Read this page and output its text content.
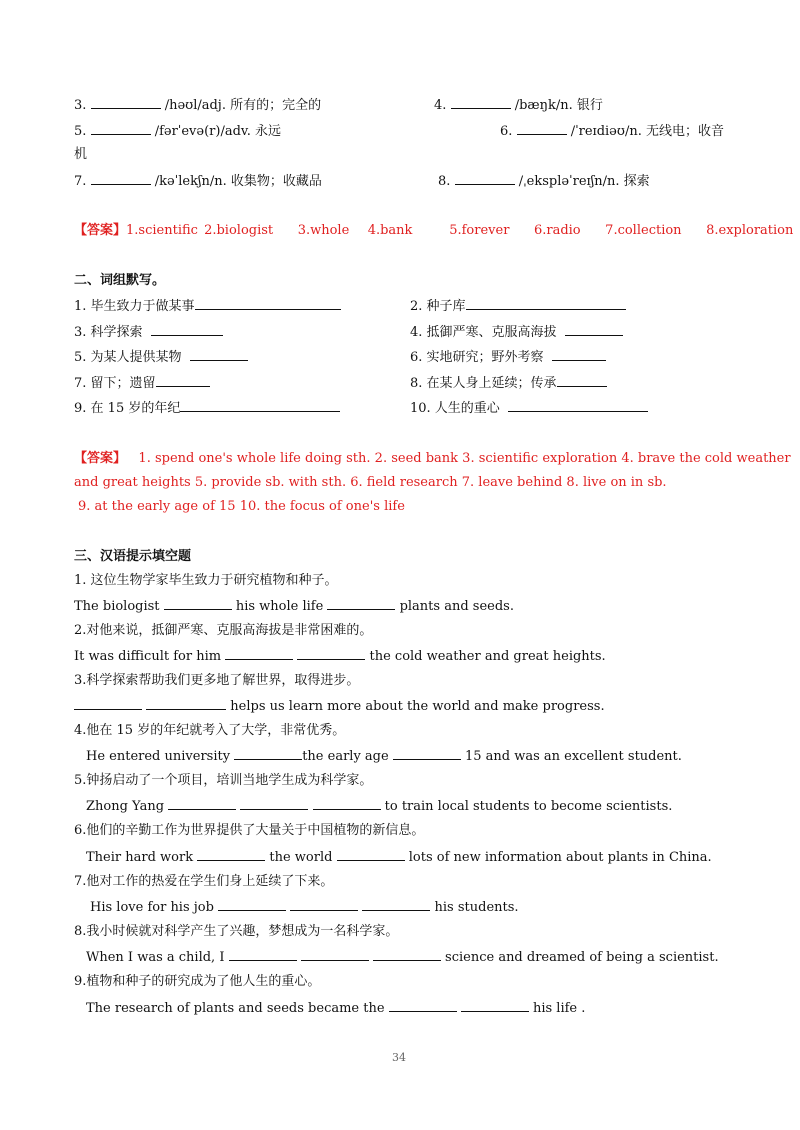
3.	/həʊl/adj. 所有的；完全的	4.	/bæŋk/n. 银行
5.	/fərˈevə(r)/adv. 永远	6.	/ˈreɪdiəʊ/n. 无线电；收音
机
7.	/kəˈlekʃn/n. 收集物；收藏品	8.	/ˌekspləˈreɪʃn/n. 探索
【答案】1.scientific 2.biologist 3.whole 4.bank	5.forever 6.radio 7.collection 8.exploration
二、词组默写。
1. 毕生致力于做某事	2. 种子库
3. 科学探索	4. 抵御严寒、克服高海拔
5. 为某人提供某物	6. 实地研究；野外考察
7. 留下；遗留	8. 在某人身上延续；传承
9. 在 15 岁的年纪	10. 人生的重心
【答案】 1. spend one's whole life doing sth. 2. seed bank 3. scientific exploration 4. brave the cold weather
and great heights 5. provide sb. with sth. 6. field research 7. leave behind 8. live on in sb.
9. at the early age of 15 10. the focus of one's life
三、汉语提示填空题
1. 这位生物学家毕生致力于研究植物和种子。
The biologist	his whole life	plants and seeds.
2.对他来说，抵御严寒、克服高海拔是非常困难的。
It was difficult for him	the cold weather and great heights.
3.科学探索帮助我们更多地了解世界，取得进步。
helps us learn more about the world and make progress.
4.他在 15 岁的年纪就考入了大学，非常优秀。
He entered university	the early age	15 and was an excellent student.
5.钟扬启动了一个项目，培训当地学生成为科学家。
Zhong Yang	to train local students to become scientists.
6.他们的辛勤工作为世界提供了大量关于中国植物的新信息。
Their hard work	the world	lots of new information about plants in China.
7.他对工作的热爱在学生们身上延续了下来。
His love for his job	his students.
8.我小时候就对科学产生了兴趣，梦想成为一名科学家。
When I was a child, I	science and dreamed of being a scientist.
9.植物和种子的研究成为了他人生的重心。
The research of plants and seeds became the	his life .
34
